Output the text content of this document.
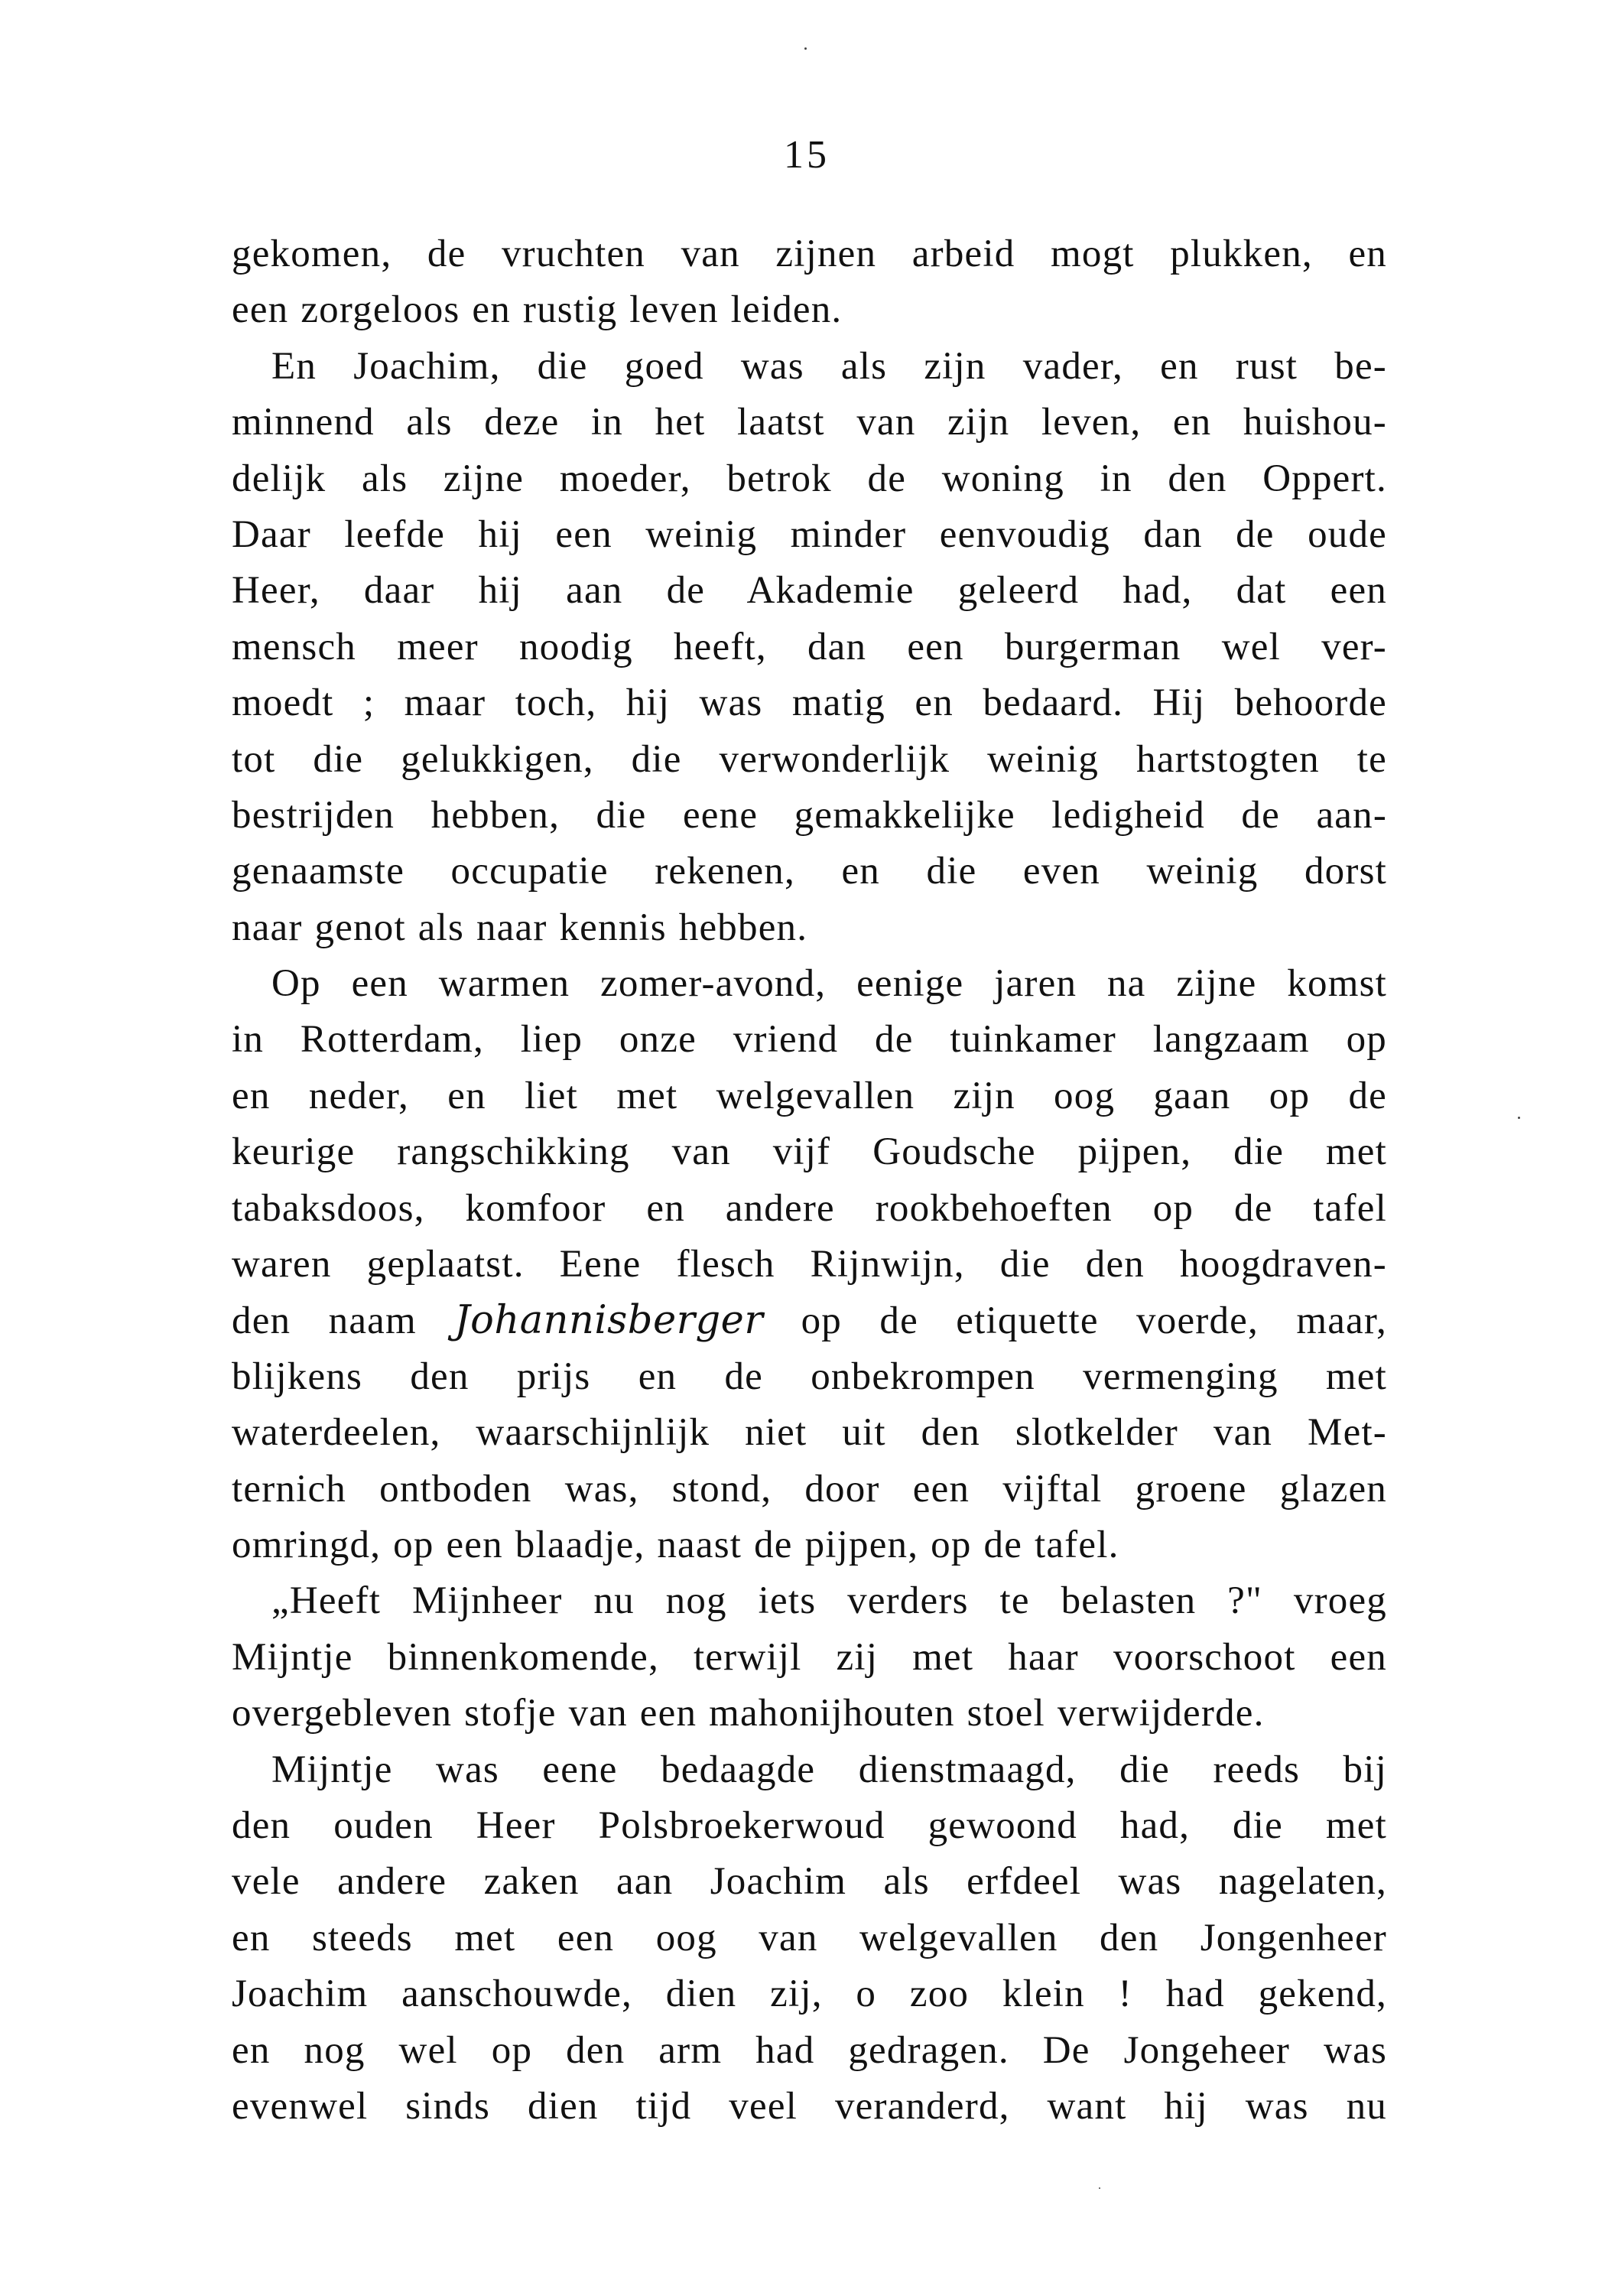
15
gekomen, de vruchten van zijnen arbeid mogt plukken, en
een zorgeloos en rustig leven leiden.
En Joachim, die goed was als zijn vader, en rust be-
minnend als deze in het laatst van zijn leven, en huishou-
delijk als zijne moeder, betrok de woning in den Oppert.
Daar leefde hij een weinig minder eenvoudig dan de oude
Heer, daar hij aan de Akademie geleerd had, dat een
mensch meer noodig heeft, dan een burgerman wel ver-
moedt ; maar toch, hij was matig en bedaard. Hij behoorde
tot die gelukkigen, die verwonderlijk weinig hartstogten te
bestrijden hebben, die eene gemakkelijke ledigheid de aan-
genaamste occupatie rekenen, en die even weinig dorst
naar genot als naar kennis hebben.
Op een warmen zomer-avond, eenige jaren na zijne komst
in Rotterdam, liep onze vriend de tuinkamer langzaam op
en neder, en liet met welgevallen zijn oog gaan op de
keurige rangschikking van vijf Goudsche pijpen, die met
tabaksdoos, komfoor en andere rookbehoeften op de tafel
waren geplaatst. Eene flesch Rijnwijn, die den hoogdraven-
den naam Johannisberger op de etiquette voerde, maar,
blijkens den prijs en de onbekrompen vermenging met
waterdeelen, waarschijnlijk niet uit den slotkelder van Met-
ternich ontboden was, stond, door een vijftal groene glazen
omringd, op een blaadje, naast de pijpen, op de tafel.
„Heeft Mijnheer nu nog iets verders te belasten ?" vroeg
Mijntje binnenkomende, terwijl zij met haar voorschoot een
overgebleven stofje van een mahonijhouten stoel verwijderde.
Mijntje was eene bedaagde dienstmaagd, die reeds bij
den ouden Heer Polsbroekerwoud gewoond had, die met
vele andere zaken aan Joachim als erfdeel was nagelaten,
en steeds met een oog van welgevallen den Jongenheer
Joachim aanschouwde, dien zij, o zoo klein ! had gekend,
en nog wel op den arm had gedragen. De Jongeheer was
evenwel sinds dien tijd veel veranderd, want hij was nu
